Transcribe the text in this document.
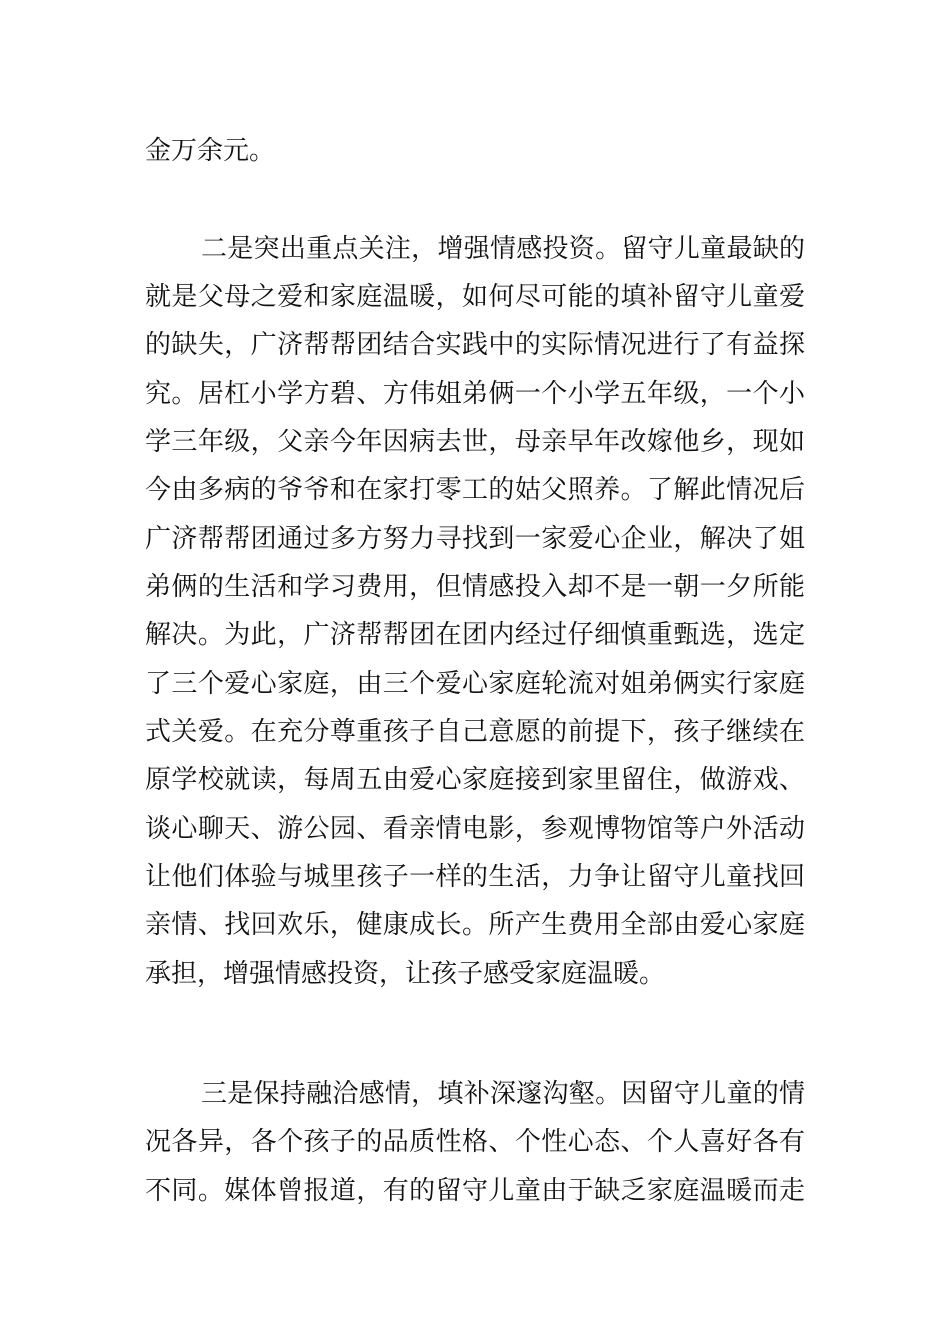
金万余元。
二是突出重点关注，增强情感投资。留守儿童最缺的
就是父母之爱和家庭温暖，如何尽可能的填补留守儿童爱
的缺失，广济帮帮团结合实践中的实际情况进行了有益探
究。居杠小学方碧、方伟姐弟俩一个小学五年级，一个小
学三年级，父亲今年因病去世，母亲早年改嫁他乡，现如
今由多病的爷爷和在家打零工的姑父照养。了解此情况后
广济帮帮团通过多方努力寻找到一家爱心企业，解决了姐
弟俩的生活和学习费用，但情感投入却不是一朝一夕所能
解决。为此，广济帮帮团在团内经过仔细慎重甄选，选定
了三个爱心家庭，由三个爱心家庭轮流对姐弟俩实行家庭
式关爱。在充分尊重孩子自己意愿的前提下，孩子继续在
原学校就读，每周五由爱心家庭接到家里留住，做游戏、
谈心聊天、游公园、看亲情电影，参观博物馆等户外活动
让他们体验与城里孩子一样的生活，力争让留守儿童找回
亲情、找回欢乐，健康成长。所产生费用全部由爱心家庭
承担，增强情感投资，让孩子感受家庭温暖。
三是保持融洽感情，填补深邃沟壑。因留守儿童的情
况各异，各个孩子的品质性格、个性心态、个人喜好各有
不同。媒体曾报道，有的留守儿童由于缺乏家庭温暖而走
